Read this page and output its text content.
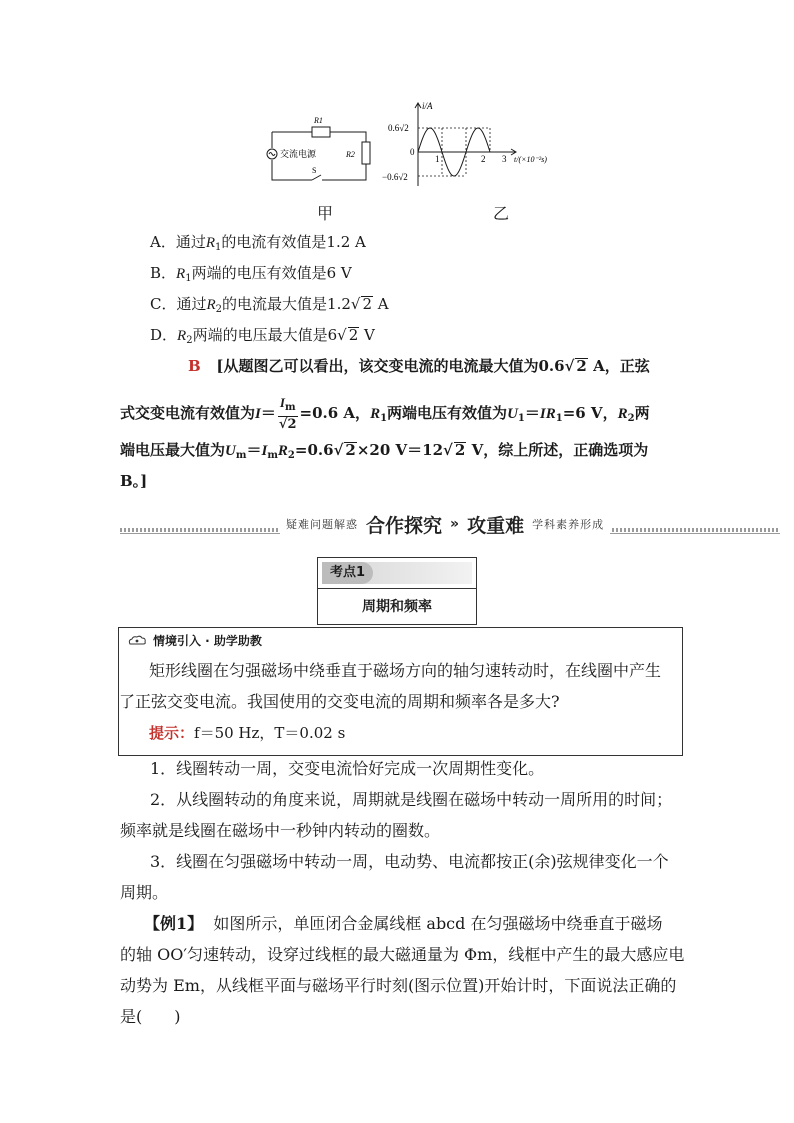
R1
R2
交流电源
S
甲
i/A
0.6√2
−0.6√2
0
1	2 3 t/(×10⁻²s)
乙
A．通过$R_1$的电流有效值是1.2 A
B．$R_1$两端的电压有效值是6 V
C．通过$R_2$的电流最大值是1.2√ 2 A
D．$R_2$两端的电压最大值是6√ 2 V
B [从题图乙可以看出，该交变电流的电流最大值为0.6√ 2 A，正弦
式交变电流有效值为$I= \frac{I_m}{√2} =0.6$ A，$R_1$两端电压有效值为$U_1=IR_1=6$ V，$R_2$两
端电压最大值为$U_m=I_mR_2=0.6√$ 2×20 V＝12√ 2 V，综上所述，正确选项为
B。]
疑难问题解惑 合作探究 » 攻重难 学科素养形成
考点1
周期和频率
情境引入 · 助学助教
矩形线圈在匀强磁场中绕垂直于磁场方向的轴匀速转动时，在线圈中产生
了正弦交变电流。我国使用的交变电流的周期和频率各是多大?
提示：f＝50 Hz，T＝0.02 s
1．线圈转动一周，交变电流恰好完成一次周期性变化。
2．从线圈转动的角度来说，周期就是线圈在磁场中转动一周所用的时间；
频率就是线圈在磁场中一秒钟内转动的圈数。
3．线圈在匀强磁场中转动一周，电动势、电流都按正(余)弦规律变化一个
周期。
【例1】 如图所示，单匝闭合金属线框 abcd 在匀强磁场中绕垂直于磁场
的轴 OO′匀速转动，设穿过线框的最大磁通量为 Φm，线框中产生的最大感应电
动势为 Em，从线框平面与磁场平行时刻(图示位置)开始计时，下面说法正确的
是(　　)
